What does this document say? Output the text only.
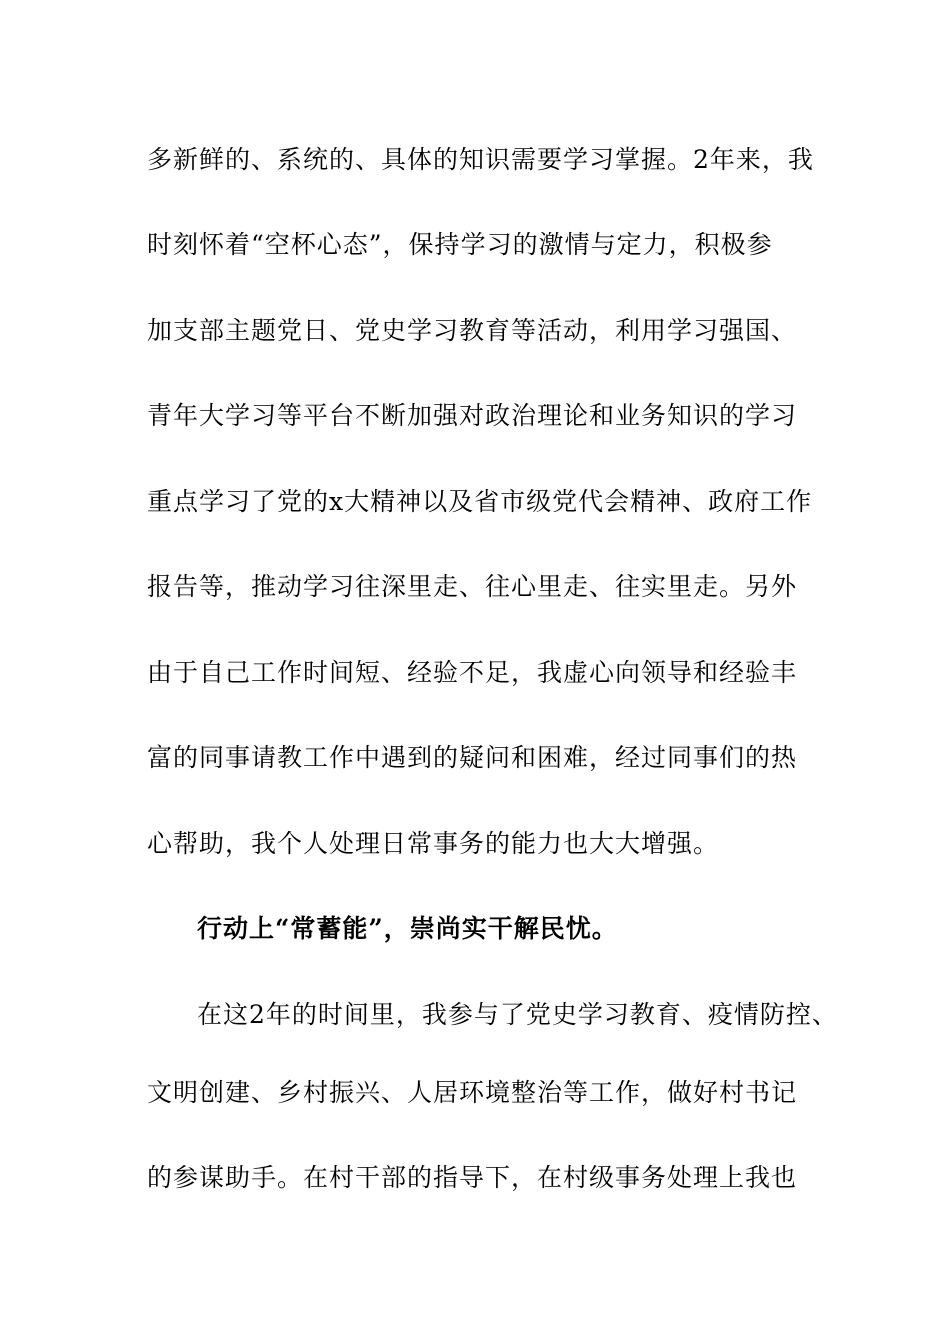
多新鲜的、系统的、具体的知识需要学习掌握。2年来，我
时刻怀着“空杯心态”，保持学习的激情与定力，积极参
加支部主题党日、党史学习教育等活动，利用学习强国、
青年大学习等平台不断加强对政治理论和业务知识的学习
重点学习了党的x大精神以及省市级党代会精神、政府工作
报告等，推动学习往深里走、往心里走、往实里走。另外
由于自己工作时间短、经验不足，我虚心向领导和经验丰
富的同事请教工作中遇到的疑问和困难，经过同事们的热
心帮助，我个人处理日常事务的能力也大大增强。
行动上“常蓄能”，崇尚实干解民忧。
在这2年的时间里，我参与了党史学习教育、疫情防控、
文明创建、乡村振兴、人居环境整治等工作，做好村书记
的参谋助手。在村干部的指导下，在村级事务处理上我也
